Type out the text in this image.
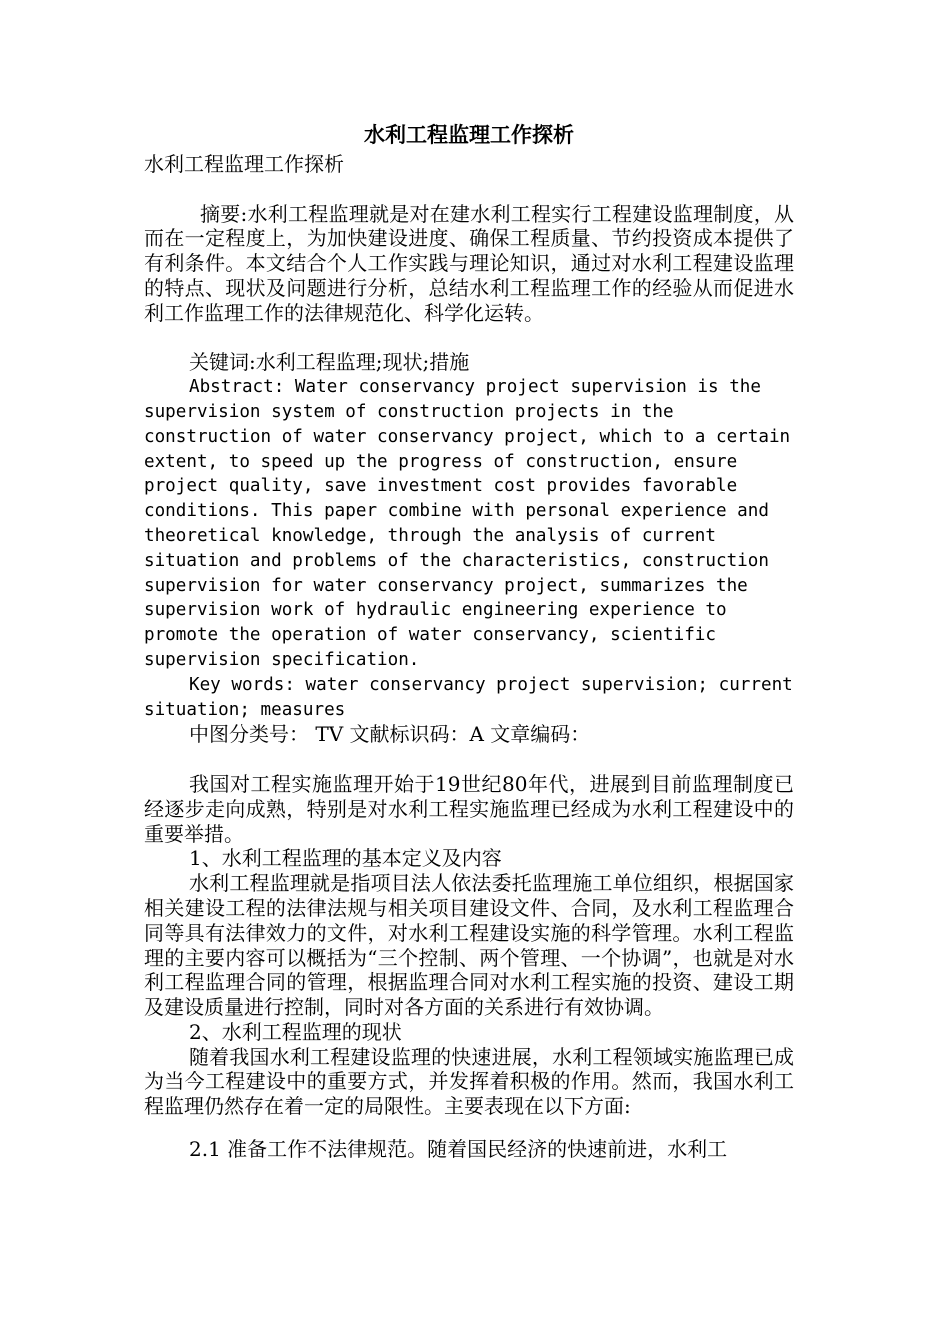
水利工程监理工作探析

水利工程监理工作探析

摘要:水利工程监理就是对在建水利工程实行工程建设监理制度，从而在一定程度上，为加快建设进度、确保工程质量、节约投资成本提供了有利条件。本文结合个人工作实践与理论知识，通过对水利工程建设监理的特点、现状及问题进行分析，总结水利工程监理工作的经验从而促进水利工作监理工作的法律规范化、科学化运转。

关键词:水利工程监理;现状;措施

Abstract: Water conservancy project supervision is the supervision system of construction projects in the construction of water conservancy project, which to a certain extent, to speed up the progress of construction, ensure project quality, save investment cost provides favorable conditions. This paper combine with personal experience and theoretical knowledge, through the analysis of current situation and problems of the characteristics, construction supervision for water conservancy project, summarizes the supervision work of hydraulic engineering experience to promote the operation of water conservancy, scientific supervision specification.

Key words: water conservancy project supervision; current situation; measures

中图分类号： TV 文献标识码：A 文章编码：

我国对工程实施监理开始于19世纪80年代，进展到目前监理制度已经逐步走向成熟，特别是对水利工程实施监理已经成为水利工程建设中的重要举措。

1、水利工程监理的基本定义及内容

水利工程监理就是指项目法人依法委托监理施工单位组织，根据国家相关建设工程的法律法规与相关项目建设文件、合同，及水利工程监理合同等具有法律效力的文件，对水利工程建设实施的科学管理。水利工程监理的主要内容可以概括为“三个控制、两个管理、一个协调”，也就是对水利工程监理合同的管理，根据监理合同对水利工程实施的投资、建设工期及建设质量进行控制，同时对各方面的关系进行有效协调。

2、水利工程监理的现状

随着我国水利工程建设监理的快速进展，水利工程领域实施监理已成为当今工程建设中的重要方式，并发挥着积极的作用。然而，我国水利工程监理仍然存在着一定的局限性。主要表现在以下方面:

2.1 准备工作不法律规范。随着国民经济的快速前进，水利工
